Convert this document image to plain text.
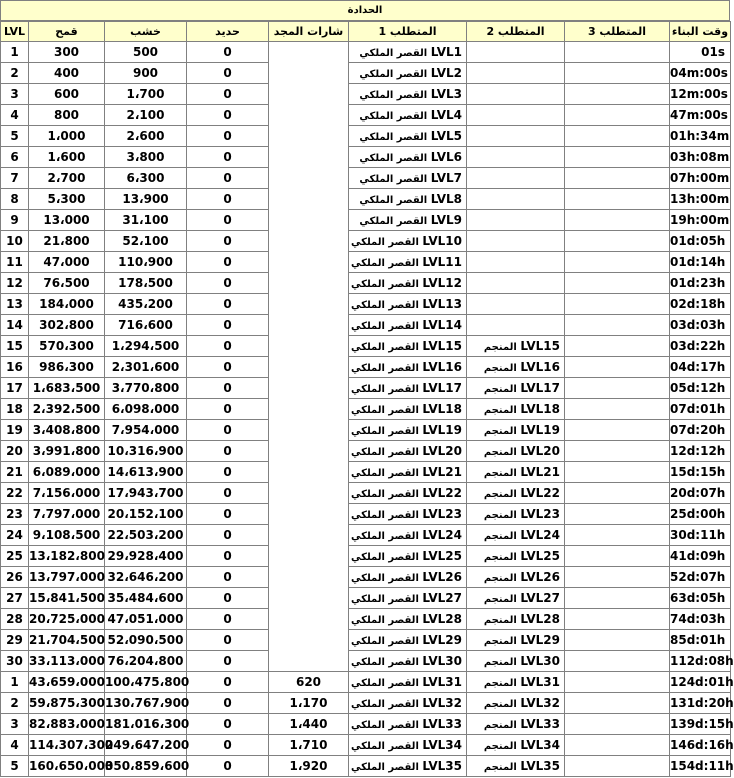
الحدادة
LVL	قمح	خشب	حديد	شارات المجد	المتطلب 1	المتطلب 2	المتطلب 3	وقت البناء
1	300	500	0		القصر الملكي LVL1			01s
2	400	900	0		القصر الملكي LVL2			04m:00s
3	600	1،700	0		القصر الملكي LVL3			12m:00s
4	800	2،100	0		القصر الملكي LVL4			47m:00s
5	1،000	2،600	0		القصر الملكي LVL5			01h:34m
6	1،600	3،800	0		القصر الملكي LVL6			03h:08m
7	2،700	6،300	0		القصر الملكي LVL7			07h:00m
8	5،300	13،900	0		القصر الملكي LVL8			13h:00m
9	13،000	31،100	0		القصر الملكي LVL9			19h:00m
10	21،800	52،100	0		القصر الملكي LVL10			01d:05h
11	47،000	110،900	0		القصر الملكي LVL11			01d:14h
12	76،500	178،500	0		القصر الملكي LVL12			01d:23h
13	184،000	435،200	0		القصر الملكي LVL13			02d:18h
14	302،800	716،600	0		القصر الملكي LVL14			03d:03h
15	570،300	1،294،500	0		القصر الملكي LVL15	المنجم LVL15		03d:22h
16	986،300	2،301،600	0		القصر الملكي LVL16	المنجم LVL16		04d:17h
17	1،683،500	3،770،800	0		القصر الملكي LVL17	المنجم LVL17		05d:12h
18	2،392،500	6،098،000	0		القصر الملكي LVL18	المنجم LVL18		07d:01h
19	3،408،800	7،954،000	0		القصر الملكي LVL19	المنجم LVL19		07d:20h
20	3،991،800	10،316،900	0		القصر الملكي LVL20	المنجم LVL20		12d:12h
21	6،089،000	14،613،900	0		القصر الملكي LVL21	المنجم LVL21		15d:15h
22	7،156،000	17،943،700	0		القصر الملكي LVL22	المنجم LVL22		20d:07h
23	7،797،000	20،152،100	0		القصر الملكي LVL23	المنجم LVL23		25d:00h
24	9،108،500	22،503،200	0		القصر الملكي LVL24	المنجم LVL24		30d:11h
25	13،182،800	29،928،400	0		القصر الملكي LVL25	المنجم LVL25		41d:09h
26	13،797،000	32،646،200	0		القصر الملكي LVL26	المنجم LVL26		52d:07h
27	15،841،500	35،484،600	0		القصر الملكي LVL27	المنجم LVL27		63d:05h
28	20،725،000	47،051،000	0		القصر الملكي LVL28	المنجم LVL28		74d:03h
29	21،704،500	52،090،500	0		القصر الملكي LVL29	المنجم LVL29		85d:01h
30	33،113،000	76،204،800	0		القصر الملكي LVL30	المنجم LVL30		112d:08h
1	43،659،000	100،475،800	0	620	القصر الملكي LVL31	المنجم LVL31		124d:01h
2	59،875،300	130،767،900	0	1،170	القصر الملكي LVL32	المنجم LVL32		131d:20h
3	82،883،000	181،016،300	0	1،440	القصر الملكي LVL33	المنجم LVL33		139d:15h
4	114،307،300	249،647،200	0	1،710	القصر الملكي LVL34	المنجم LVL34		146d:16h
5	160،650،000	350،859،600	0	1،920	القصر الملكي LVL35	المنجم LVL35		154d:11h
